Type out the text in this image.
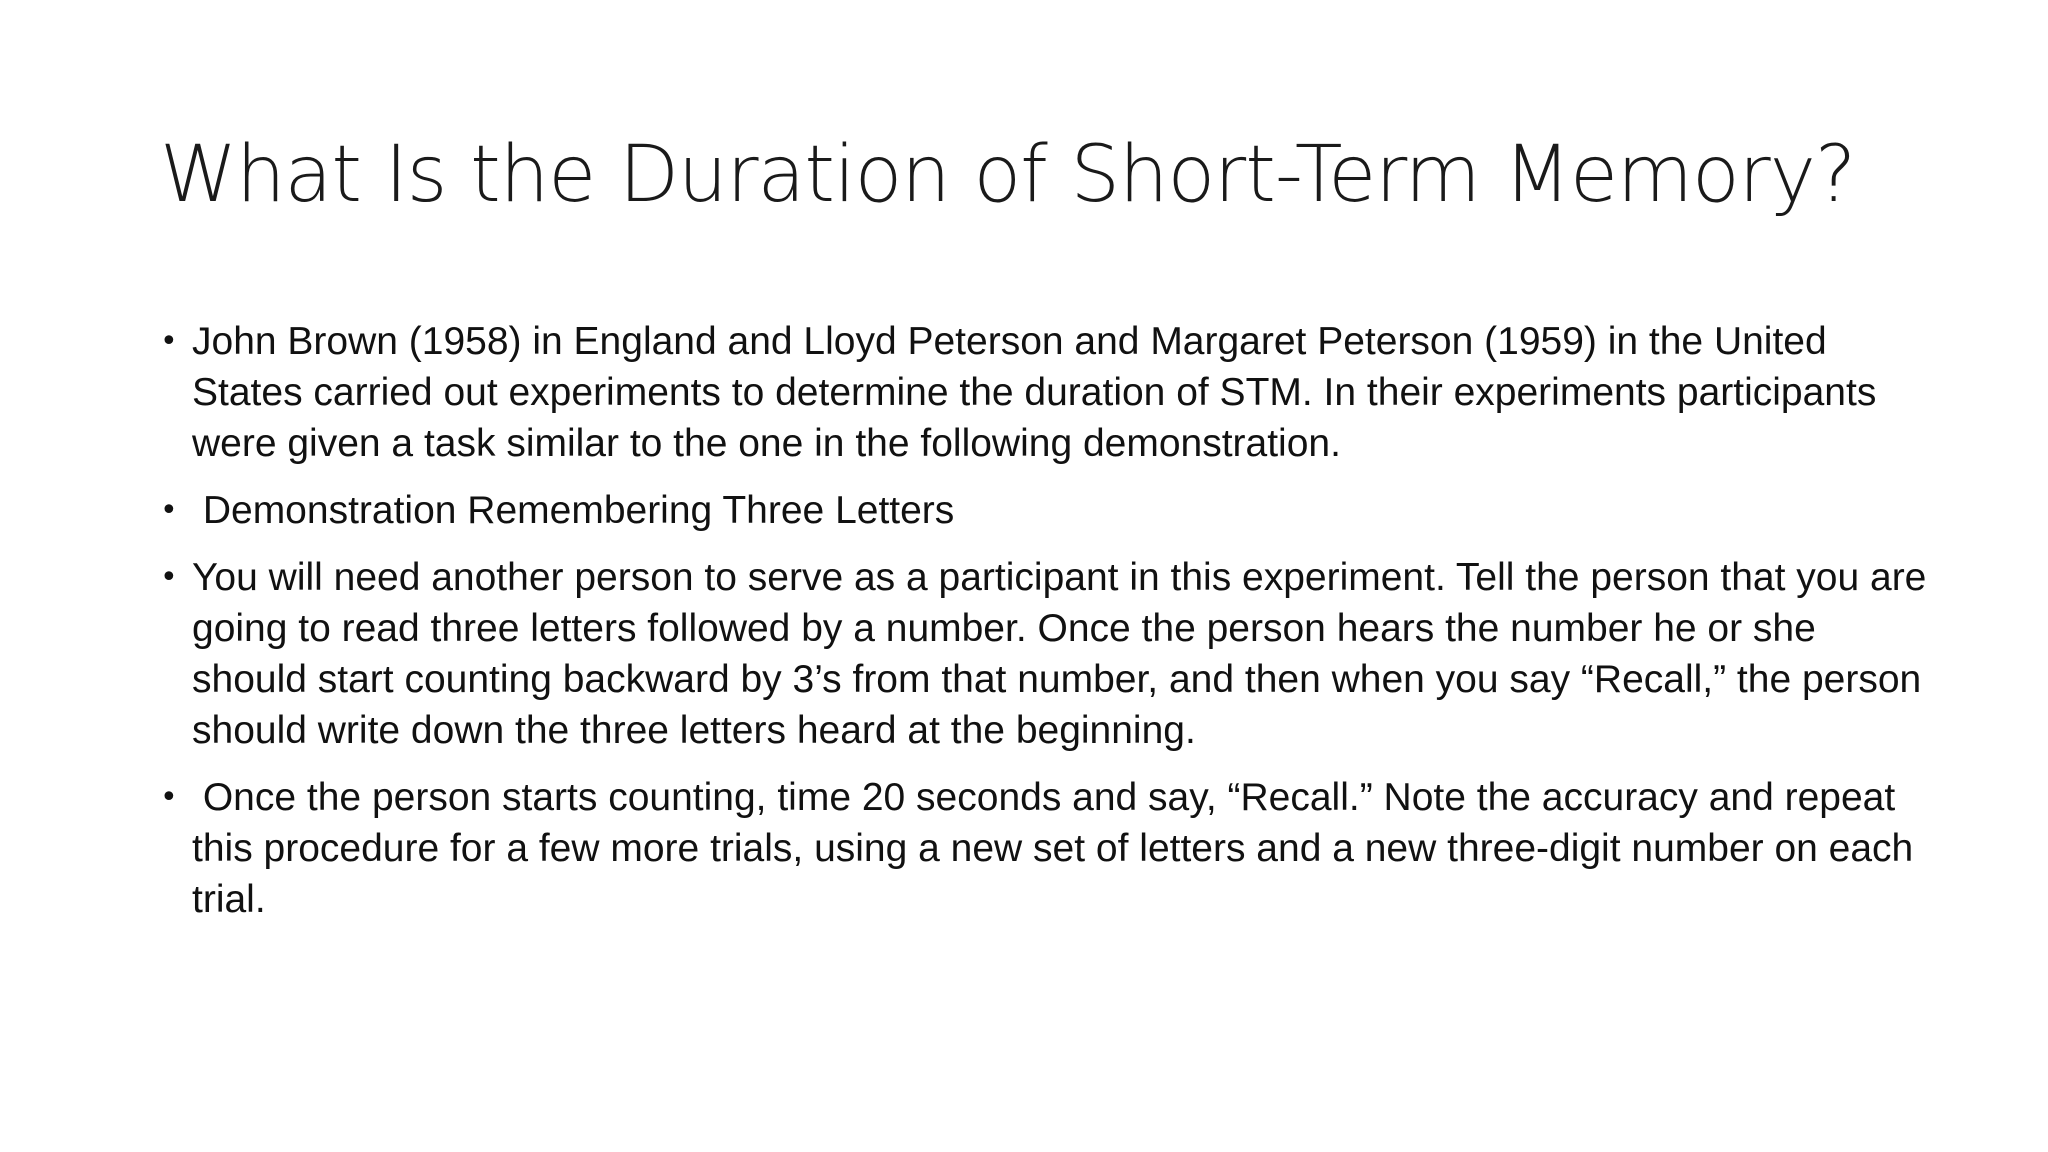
What Is the Duration of Short-Term Memory?
• John Brown (1958) in England and Lloyd Peterson and Margaret Peterson (1959) in the United States carried out experiments to determine the duration of STM. In their experiments participants were given a task similar to the one in the following demonstration.
• Demonstration Remembering Three Letters
• You will need another person to serve as a participant in this experiment. Tell the person that you are going to read three letters followed by a number. Once the person hears the number he or she should start counting backward by 3’s from that number, and then when you say “Recall,” the person should write down the three letters heard at the beginning.
• Once the person starts counting, time 20 seconds and say, “Recall.” Note the accuracy and repeat this procedure for a few more trials, using a new set of letters and a new three-digit number on each trial.
